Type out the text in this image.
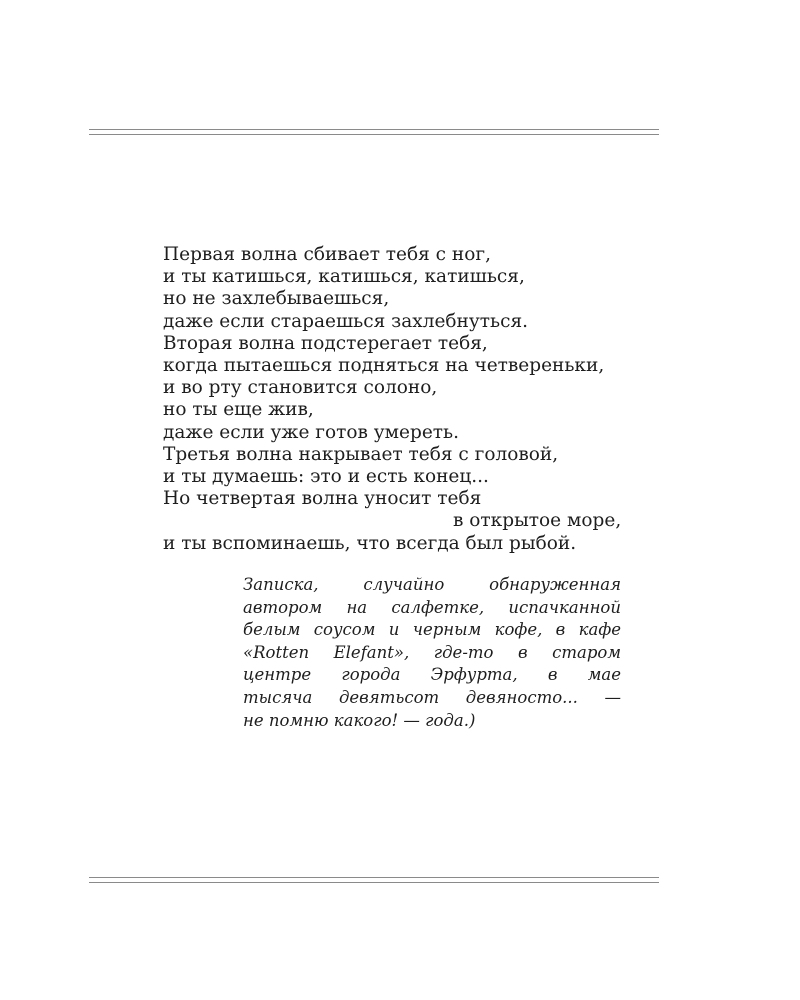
Первая волна сбивает тебя с ног,
и ты катишься, катишься, катишься,
но не захлебываешься,
даже если стараешься захлебнуться.
Вторая волна подстерегает тебя,
когда пытаешься подняться на четвереньки,
и во рту становится солоно,
но ты еще жив,
даже если уже готов умереть.
Третья волна накрывает тебя с головой,
и ты думаешь: это и есть конец...
Но четвертая волна уносит тебя
в открытое море,
и ты вспоминаешь, что всегда был рыбой.
Записка, случайно обнаруженная
автором на салфетке, испачканной
белым соусом и черным кофе, в кафе
«Rotten Elefant», где-то в старом
центре города Эрфурта, в мае
тысяча девятьсот девяносто... —
не помню какого! — года.)
